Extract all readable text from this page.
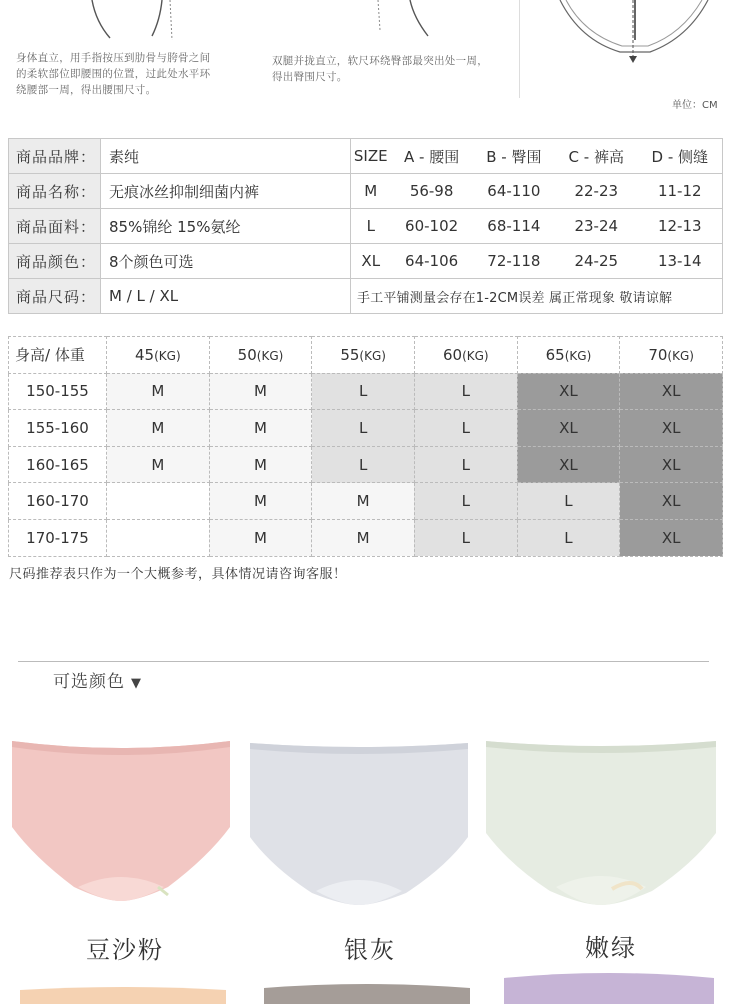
身体直立，用手指按压到肋骨与胯骨之间
的柔软部位即腰围的位置，过此处水平环
绕腰部一周，得出腰围尺寸。
双腿并拢直立，软尺环绕臀部最突出处一周，
得出臀围尺寸。
单位：CM
商品品牌：	素纯	SIZE	A - 腰围	B - 臀围	C - 裤高	D - 侧缝
商品名称：	无痕冰丝抑制细菌内裤	M	56-98	64-110	22-23	11-12
商品面料：	85%锦纶 15%氨纶	L	60-102	68-114	23-24	12-13
商品颜色：	8个颜色可选	XL	64-106	72-118	24-25	13-14
商品尺码：	M / L / XL	手工平铺测量会存在1-2CM误差 属正常现象 敬请谅解				
身高/ 体重	45(KG)	50(KG)	55(KG)	60(KG)	65(KG)	70(KG)
150-155	M	M	L	L	XL	XL
155-160	M	M	L	L	XL	XL
160-165	M	M	L	L	XL	XL
160-170		M	M	L	L	XL
170-175		M	M	L	L	XL
尺码推荐表只作为一个大概参考，具体情况请咨询客服！
可选颜色 ▼
豆沙粉	银灰	嫩绿
